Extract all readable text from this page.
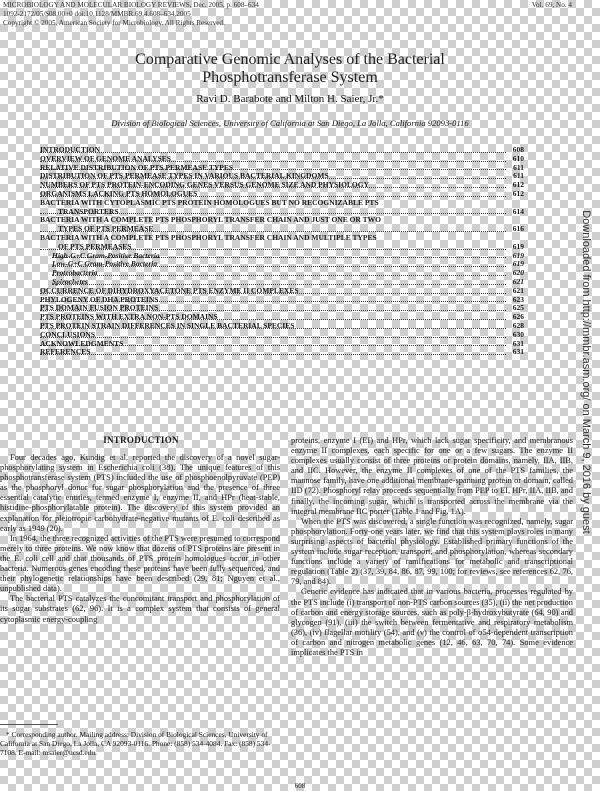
MICROBIOLOGY AND MOLECULAR BIOLOGY REVIEWS, Dec. 2005, p. 608–634
1092-2172/05/$08.00+0 doi:10.1128/MMBR.69.4.608–634.2005
Copyright © 2005, American Society for Microbiology. All Rights Reserved.
Vol. 69, No. 4
Comparative Genomic Analyses of the Bacterial
Phosphotransferase System
Ravi D. Barabote and Milton H. Saier, Jr.*
Division of Biological Sciences, University of California at San Diego, La Jolla, California 92093-0116
INTRODUCTION	608
OVERVIEW OF GENOME ANALYSES	610
RELATIVE DISTRIBUTION OF PTS PERMEASE TYPES	611
DISTRIBUTION OF PTS PERMEASE TYPES IN VARIOUS BACTERIAL KINGDOMS	611
NUMBERS OF PTS PROTEIN-ENCODING GENES VERSUS GENOME SIZE AND PHYSIOLOGY	612
ORGANISMS LACKING PTS HOMOLOGUES	612
BACTERIA WITH CYTOPLASMIC PTS PROTEIN HOMOLOGUES BUT NO RECOGNIZABLE PTS
TRANSPORTERS	614
BACTERIA WITH A COMPLETE PTS PHOSPHORYL TRANSFER CHAIN AND JUST ONE OR TWO
TYPES OF PTS PERMEASE	616
BACTERIA WITH A COMPLETE PTS PHOSPHORYL TRANSFER CHAIN AND MULTIPLE TYPES
OF PTS PERMEASES	619
High-G+C Gram-Positive Bacteria	619
Low-G+C Gram-Positive Bacteria	619
Proteobacteria	620
Spirochetes	621
OCCURRENCE OF DIHYDROXYACETONE PTS ENZYME II COMPLEXES	621
PHYLOGENY OF DHA PROTEINS	623
PTS DOMAIN FUSION PROTEINS	625
PTS PROTEINS WITH EXTRA NON-PTS DOMAINS	626
PTS PROTEIN STRAIN DIFFERENCES IN SINGLE BACTERIAL SPECIES	628
CONCLUSIONS	630
ACKNOWLEDGMENTS	631
REFERENCES	631	Downloaded from http://mmbr.asm.org/ on March 9, 2016 by guest
INTRODUCTION

Four decades ago, Kundig et al. reported the discovery of a novel sugar-phosphorylating system in Escherichia coli (38). The unique features of this phosphotransferase system (PTS) included the use of phosphoenolpyruvate (PEP) as the phosphoryl donor for sugar phosphorylation and the presence of three essential catalytic entities, termed enzyme I, enzyme II, and HPr (heat-stable, histidine-phosphorylatable protein). The discovery of this system provided an explanation for pleiotropic carbohydrate-negative mutants of E. coli described as early as 1949 (20).

In 1964, the three recognized activities of the PTS were presumed to correspond merely to three proteins. We now know that dozens of PTS proteins are present in the E. coli cell and that thousands of PTS protein homologues occur in other bacteria. Numerous genes encoding these proteins have been fully sequenced, and their phylogenetic relationships have been described (29, 81; Nguyen et al., unpublished data).

The bacterial PTS catalyzes the concomitant transport and phosphorylation of its sugar substrates (62, 96). It is a complex system that consists of general cytoplasmic energy-coupling

proteins, enzyme I (EI) and HPr, which lack sugar specificity, and membranous enzyme II complexes, each specific for one or a few sugars. The enzyme II complexes usually consist of three proteins or protein domains, namely, IIA, IIB, and IIC. However, the enzyme II complexes of one of the PTS families, the mannose family, have one additional membrane-spanning protein or domain, called IID (72). Phosphoryl relay proceeds sequentially from PEP to EI, HPr, IIA, IIB, and finally, the incoming sugar, which is transported across the membrane via the integral membrane IIC porter (Table 1 and Fig. 1A).

When the PTS was discovered, a single function was recognized, namely, sugar phosphorylation. Forty-one years later, we find that this system plays roles in many surprising aspects of bacterial physiology. Established primary functions of the system include sugar reception, transport, and phosphorylation, whereas secondary functions include a variety of ramifications for metabolic and transcriptional regulation (Table 2) (37, 39, 84, 86, 87, 99, 100; for reviews, see references 62, 76, 79, and 84).

Genetic evidence has indicated that in various bacteria, processes regulated by the PTS include (i) transport of non-PTS carbon sources (35), (ii) the net production of carbon and energy storage sources, such as poly-β-hydroxybutyrate (64, 90) and glycogen (91), (iii) the switch between fermentative and respiratory metabolism (36), (iv) flagellar motility (54), and (v) the control of σ54-dependent transcription of carbon and nitrogen metabolic genes (12, 46, 63, 70, 74). Some evidence implicates the PTS in

* Corresponding author. Mailing address: Division of Biological Sciences, University of California at San Diego, La Jolla, CA 92093-0116. Phone: (858) 534-4084. Fax: (858) 534-7108. E-mail: msaier@ucsd.edu.

608
